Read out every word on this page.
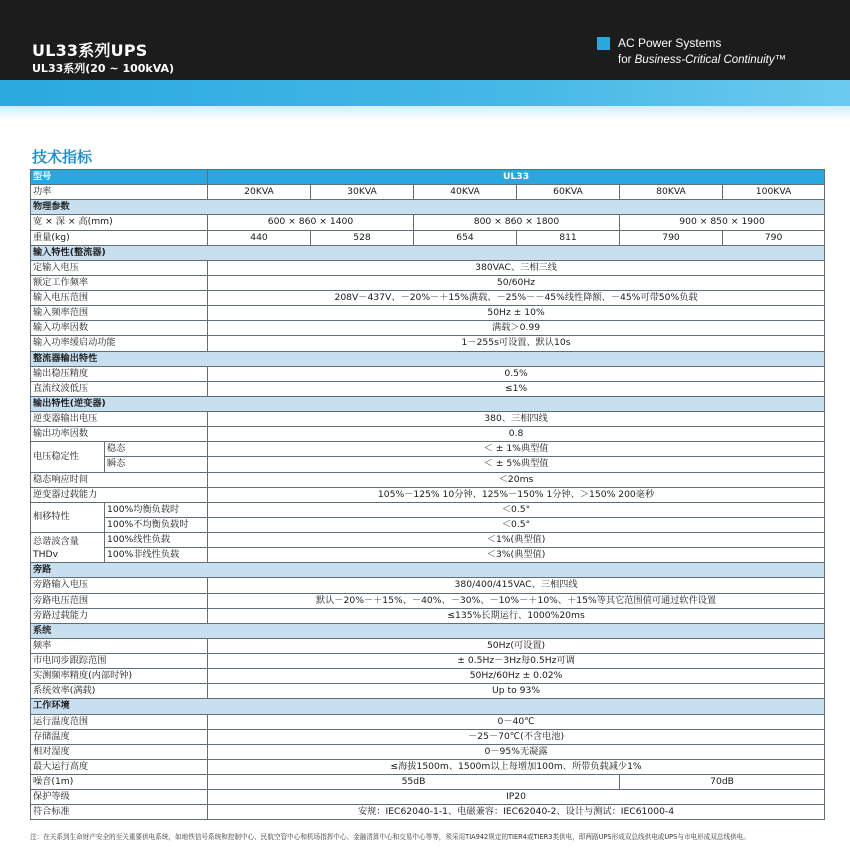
UL33系列UPS
UL33系列(20 ~ 100kVA)
AC Power Systems
for Business-Critical Continuity™
技术指标
型号		UL33					
功率		20KVA	30KVA	40KVA	60KVA	80KVA	100KVA
物理参数							
宽 × 深 × 高(mm)		600 × 860 × 1400		800 × 860 × 1800		900 × 850 × 1900	
重量(kg)		440	528	654	811	790	790
输入特性(整流器)							
定输入电压		380VAC、三相三线					
额定工作频率		50/60Hz					
输入电压范围		208V－437V、－20%－＋15%满载、－25%－－45%线性降额、－45%可带50%负载					
输入频率范围		50Hz ± 10%					
输入功率因数		满载＞0.99					
输入功率缓启动功能		1－255s可设置、默认10s					
整流器输出特性							
输出稳压精度		0.5%					
直流纹波低压		≤1%					
输出特性(逆变器)							
逆变器输出电压		380、三相四线					
输出功率因数		0.8					
电压稳定性	稳态	＜ ± 1%典型值					
	瞬态	＜ ± 5%典型值					
稳态响应时间		＜20ms					
逆变器过载能力		105%－125% 10分钟、125%－150% 1分钟、＞150% 200毫秒					
相移特性	100%均衡负载时	＜0.5°					
	100%不均衡负载时	＜0.5°					
总谐波含量
THDv	100%线性负载	＜1%(典型值)					
	100%非线性负载	＜3%(典型值)					
旁路							
旁路输入电压		380/400/415VAC、三相四线					
旁路电压范围		默认－20%－＋15%、－40%、－30%、－10%－＋10%、＋15%等其它范围值可通过软件设置					
旁路过载能力		≤135%长期运行、1000%20ms					
系统							
频率		50Hz(可设置)					
市电同步跟踪范围		± 0.5Hz－3Hz每0.5Hz可调					
实测频率精度(内部时钟)		50Hz/60Hz ± 0.02%					
系统效率(满载)		Up to 93%					
工作环境							
运行温度范围		0－40℃					
存储温度		－25－70℃(不含电池)					
相对湿度		0－95%无凝露					
最大运行高度		≤海拔1500m、1500m以上每增加100m、所带负载减少1%					
噪音(1m)		55dB				70dB	
保护等级		IP20					
符合标准		安规：IEC62040-1-1、电磁兼容：IEC62040-2、设计与测试：IEC61000-4					
注：在关系到生命财产安全的至关重要供电系统，如地铁信号系统和控制中心、民航空管中心和机场指挥中心、金融清算中心和交易中心等等，须采用TIA942规定的TIER4或TIER3类供电，即两路UPS形成双总线供电或UPS与市电形成双总线供电。
